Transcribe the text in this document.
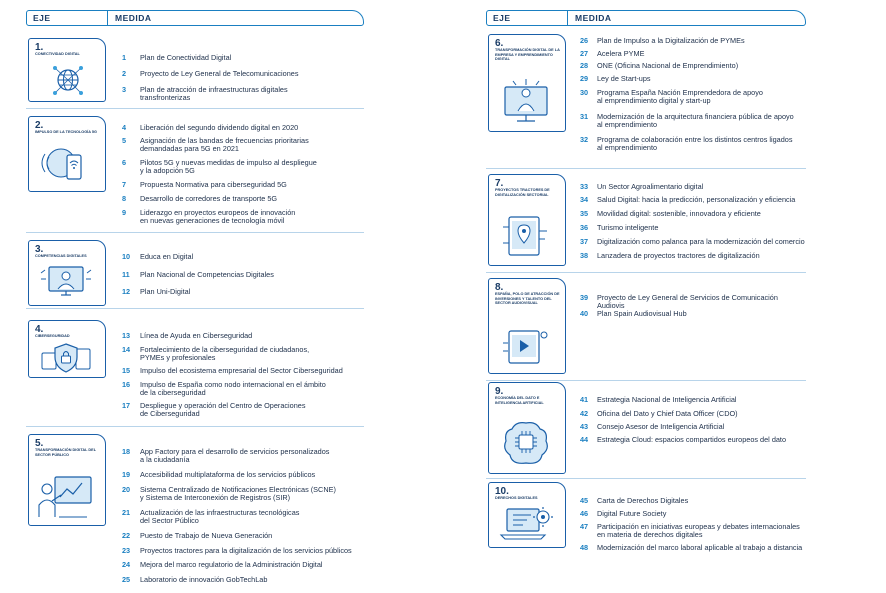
EJE	MEDIDA
1.
CONECTIVIDAD DIGITAL	1	Plan de Conectividad Digital
2	Proyecto de Ley General de Telecomunicaciones
3	Plan de atracción de infraestructuras digitales
transfronterizas
2.
IMPULSO DE LA TECNOLOGÍA 5G	4	Liberación del segundo dividendo digital en 2020
5	Asignación de las bandas de frecuencias prioritarias
demandadas para 5G en 2021
6	Pilotos 5G y nuevas medidas de impulso al despliegue
y la adopción 5G
7	Propuesta Normativa para ciberseguridad 5G
8	Desarrollo de corredores de transporte 5G
9	Liderazgo en proyectos europeos de innovación
en nuevas generaciones de tecnología móvil
3.
COMPETENCIAS DIGITALES	10	Educa en Digital
11	Plan Nacional de Competencias Digitales
12	Plan Uni-Digital
4.
CIBERSEGURIDAD	13	Línea de Ayuda en Ciberseguridad
14	Fortalecimiento de la ciberseguridad de ciudadanos,
PYMEs y profesionales
15	Impulso del ecosistema empresarial del Sector Ciberseguridad
16	Impulso de España como nodo internacional en el ámbito
de la ciberseguridad
17	Despliegue y operación del Centro de Operaciones
de Ciberseguridad
5.
TRANSFORMACIÓN DIGITAL DEL SECTOR PÚBLICO	18	App Factory para el desarrollo de servicios personalizados
a la ciudadanía
19	Accesibilidad multiplataforma de los servicios públicos
20	Sistema Centralizado de Notificaciones Electrónicas (SCNE)
y Sistema de Interconexión de Registros (SIR)
21	Actualización de las infraestructuras tecnológicas
del Sector Público
22	Puesto de Trabajo de Nueva Generación
23	Proyectos tractores para la digitalización de los servicios públicos
24	Mejora del marco regulatorio de la Administración Digital
25	Laboratorio de innovación GobTechLab
EJE	MEDIDA
6.
TRANSFORMACIÓN DIGITAL DE LA EMPRESA Y EMPRENDIMIENTO DIGITAL
26	Plan de Impulso a la Digitalización de PYMEs
27	Acelera PYME
28	ONE (Oficina Nacional de Emprendimiento)
29	Ley de Start-ups
30	Programa España Nación Emprendedora de apoyo
al emprendimiento digital y start-up
31	Modernización de la arquitectura financiera pública de apoyo
al emprendimiento
32	Programa de colaboración entre los distintos centros ligados
al emprendimiento
7.
PROYECTOS TRACTORES DE DIGITALIZACIÓN SECTORIAL
33	Un Sector Agroalimentario digital
34	Salud Digital: hacia la predicción, personalización y eficiencia
35	Movilidad digital: sostenible, innovadora y eficiente
36	Turismo inteligente
37	Digitalización como palanca para la modernización del comercio
38	Lanzadera de proyectos tractores de digitalización
8.
ESPAÑA, POLO DE ATRACCIÓN DE INVERSIONES Y TALENTO DEL SECTOR AUDIOVISUAL
39	Proyecto de Ley General de Servicios de Comunicación Audiovis
40	Plan Spain Audiovisual Hub
9.
ECONOMÍA DEL DATO E INTELIGENCIA ARTIFICIAL	41	Estrategia Nacional de Inteligencia Artificial
42	Oficina del Dato y Chief Data Officer (CDO)
43	Consejo Asesor de Inteligencia Artificial
44	Estrategia Cloud: espacios compartidos europeos del dato
10.
DERECHOS DIGITALES	45	Carta de Derechos Digitales
46	Digital Future Society
47	Participación en iniciativas europeas y debates internacionales
en materia de derechos digitales
48	Modernización del marco laboral aplicable al trabajo a distancia
